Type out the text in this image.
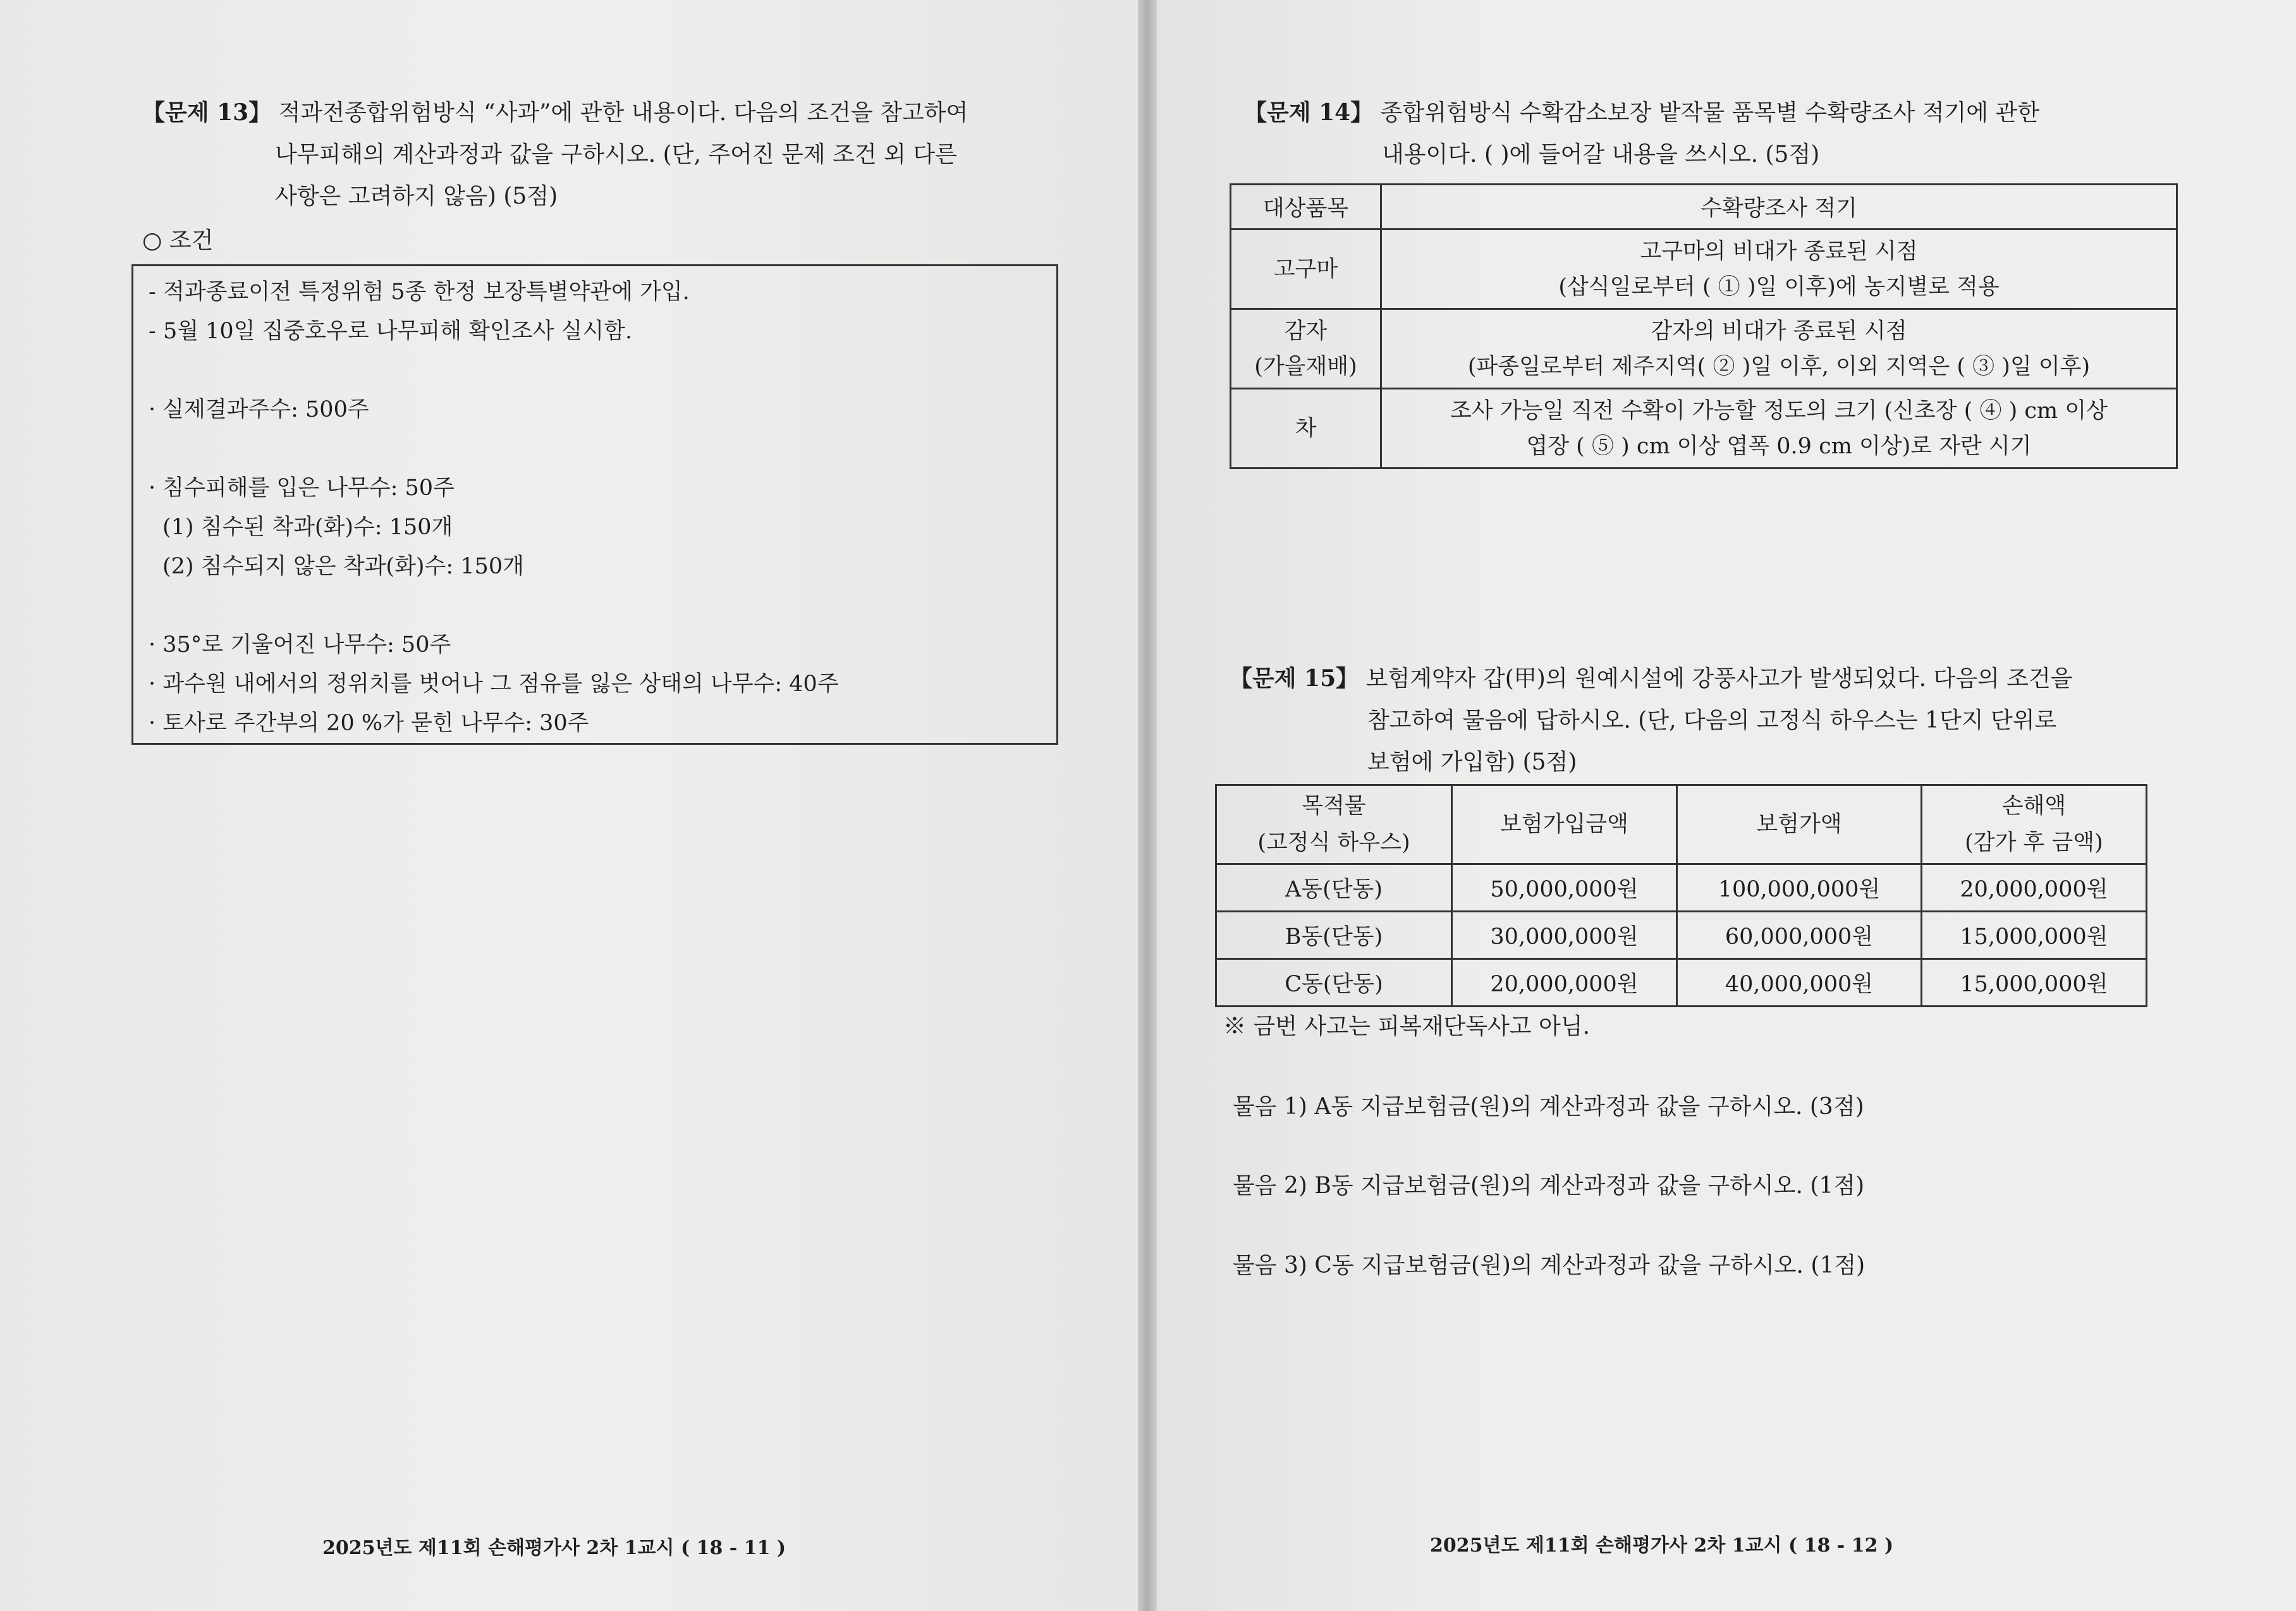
【문제 13】 적과전종합위험방식 “사과”에 관한 내용이다. 다음의 조건을 참고하여
나무피해의 계산과정과 값을 구하시오. (단, 주어진 문제 조건 외 다른
사항은 고려하지 않음) (5점)
○ 조건
- 적과종료이전 특정위험 5종 한정 보장특별약관에 가입.
- 5월 10일 집중호우로 나무피해 확인조사 실시함.
· 실제결과주수: 500주
· 침수피해를 입은 나무수: 50주
(1) 침수된 착과(화)수: 150개
(2) 침수되지 않은 착과(화)수: 150개
· 35°로 기울어진 나무수: 50주
· 과수원 내에서의 정위치를 벗어나 그 점유를 잃은 상태의 나무수: 40주
· 토사로 주간부의 20 %가 묻힌 나무수: 30주
2025년도 제11회 손해평가사 2차 1교시 ( 18 - 11 )
【문제 14】 종합위험방식 수확감소보장 밭작물 품목별 수확량조사 적기에 관한
내용이다. ( )에 들어갈 내용을 쓰시오. (5점)
대상품목	수확량조사 적기
고구마	고구마의 비대가 종료된 시점
(삽식일로부터 ( ① )일 이후)에 농지별로 적용
감자
(가을재배)	감자의 비대가 종료된 시점
(파종일로부터 제주지역( ② )일 이후, 이외 지역은 ( ③ )일 이후)
차	조사 가능일 직전 수확이 가능할 정도의 크기 (신초장 ( ④ ) cm 이상
엽장 ( ⑤ ) cm 이상 엽폭 0.9 cm 이상)로 자란 시기
【문제 15】 보험계약자 갑(甲)의 원예시설에 강풍사고가 발생되었다. 다음의 조건을
참고하여 물음에 답하시오. (단, 다음의 고정식 하우스는 1단지 단위로
보험에 가입함) (5점)
목적물
(고정식 하우스)	보험가입금액	보험가액	손해액
(감가 후 금액)
A동(단동)	50,000,000원	100,000,000원	20,000,000원
B동(단동)	30,000,000원	60,000,000원	15,000,000원
C동(단동)	20,000,000원	40,000,000원	15,000,000원
※ 금번 사고는 피복재단독사고 아님.
물음 1) A동 지급보험금(원)의 계산과정과 값을 구하시오. (3점)
물음 2) B동 지급보험금(원)의 계산과정과 값을 구하시오. (1점)
물음 3) C동 지급보험금(원)의 계산과정과 값을 구하시오. (1점)
2025년도 제11회 손해평가사 2차 1교시 ( 18 - 12 )
